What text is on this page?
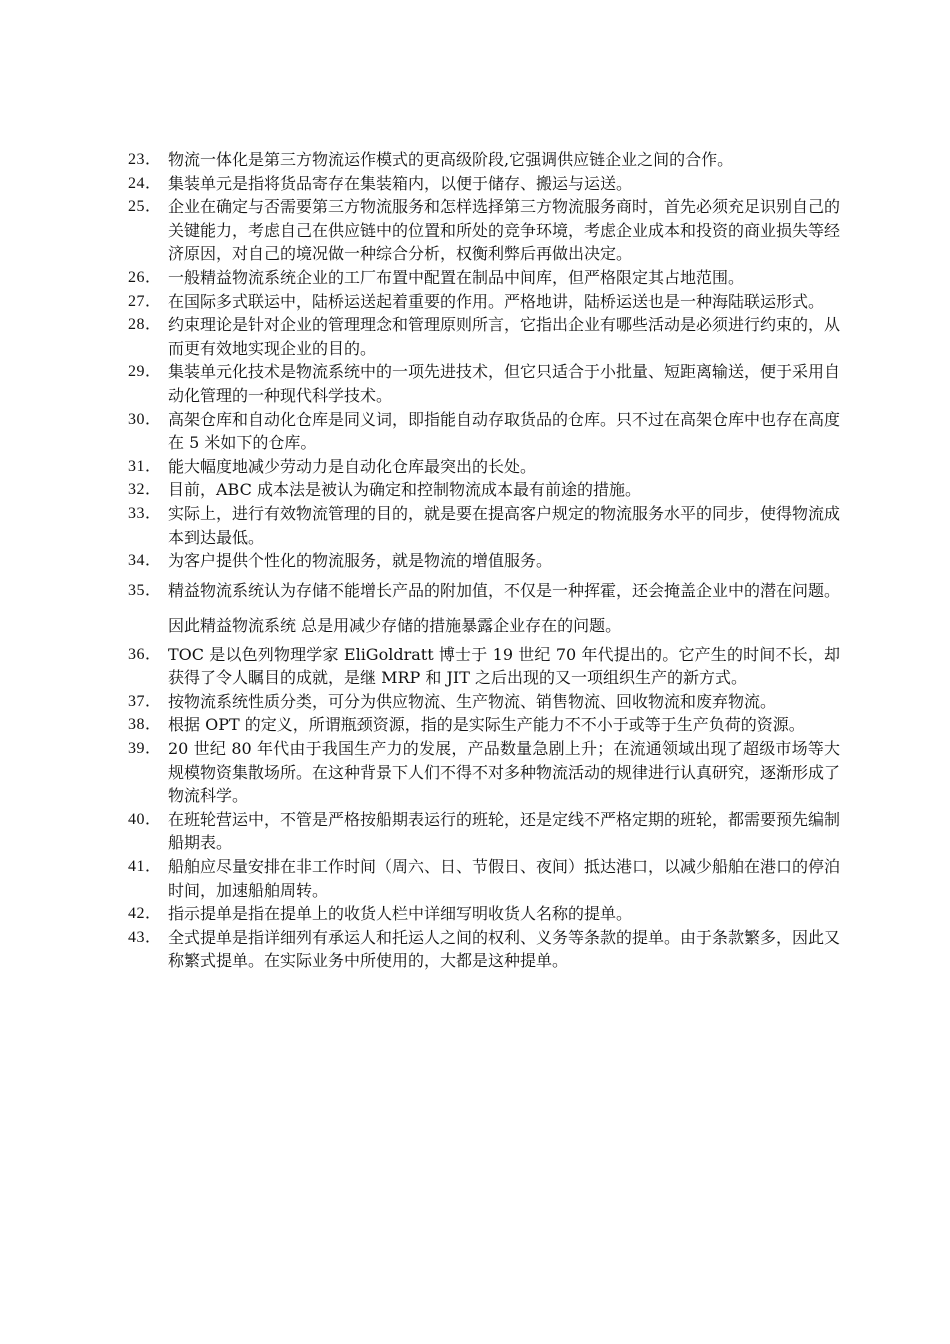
23． 物流一体化是第三方物流运作模式的更高级阶段,它强调供应链企业之间的合作。
24． 集装单元是指将货品寄存在集装箱内，以便于储存、搬运与运送。
25． 企业在确定与否需要第三方物流服务和怎样选择第三方物流服务商时，首先必须充足识别自己的关键能力，考虑自己在供应链中的位置和所处的竞争环境，考虑企业成本和投资的商业损失等经济原因，对自己的境况做一种综合分析，权衡利弊后再做出决定。
26． 一般精益物流系统企业的工厂布置中配置在制品中间库，但严格限定其占地范围。
27． 在国际多式联运中，陆桥运送起着重要的作用。严格地讲，陆桥运送也是一种海陆联运形式。
28． 约束理论是针对企业的管理理念和管理原则所言，它指出企业有哪些活动是必须进行约束的，从而更有效地实现企业的目的。
29． 集装单元化技术是物流系统中的一项先进技术，但它只适合于小批量、短距离输送，便于采用自动化管理的一种现代科学技术。
30． 高架仓库和自动化仓库是同义词，即指能自动存取货品的仓库。只不过在高架仓库中也存在高度在 5 米如下的仓库。
31． 能大幅度地减少劳动力是自动化仓库最突出的长处。
32． 目前，ABC 成本法是被认为确定和控制物流成本最有前途的措施。
33． 实际上，进行有效物流管理的目的，就是要在提高客户规定的物流服务水平的同步，使得物流成本到达最低。
34． 为客户提供个性化的物流服务，就是物流的增值服务。
35． 精益物流系统认为存储不能增长产品的附加值，不仅是一种挥霍，还会掩盖企业中的潜在问题。因此精益物流系统 总是用减少存储的措施暴露企业存在的问题。
36． TOC 是以色列物理学家 EliGoldratt 博士于 19 世纪 70 年代提出的。它产生的时间不长，却获得了令人瞩目的成就，是继 MRP 和 JIT 之后出现的又一项组织生产的新方式。
37． 按物流系统性质分类，可分为供应物流、生产物流、销售物流、回收物流和废弃物流。
38． 根据 OPT 的定义，所谓瓶颈资源，指的是实际生产能力不不小于或等于生产负荷的资源。
39． 20 世纪 80 年代由于我国生产力的发展，产品数量急剧上升；在流通领域出现了超级市场等大规模物资集散场所。在这种背景下人们不得不对多种物流活动的规律进行认真研究，逐渐形成了物流科学。
40． 在班轮营运中，不管是严格按船期表运行的班轮，还是定线不严格定期的班轮，都需要预先编制船期表。
41． 船舶应尽量安排在非工作时间（周六、日、节假日、夜间）抵达港口，以减少船舶在港口的停泊时间，加速船舶周转。
42． 指示提单是指在提单上的收货人栏中详细写明收货人名称的提单。
43． 全式提单是指详细列有承运人和托运人之间的权利、义务等条款的提单。由于条款繁多，因此又称繁式提单。在实际业务中所使用的，大都是这种提单。
